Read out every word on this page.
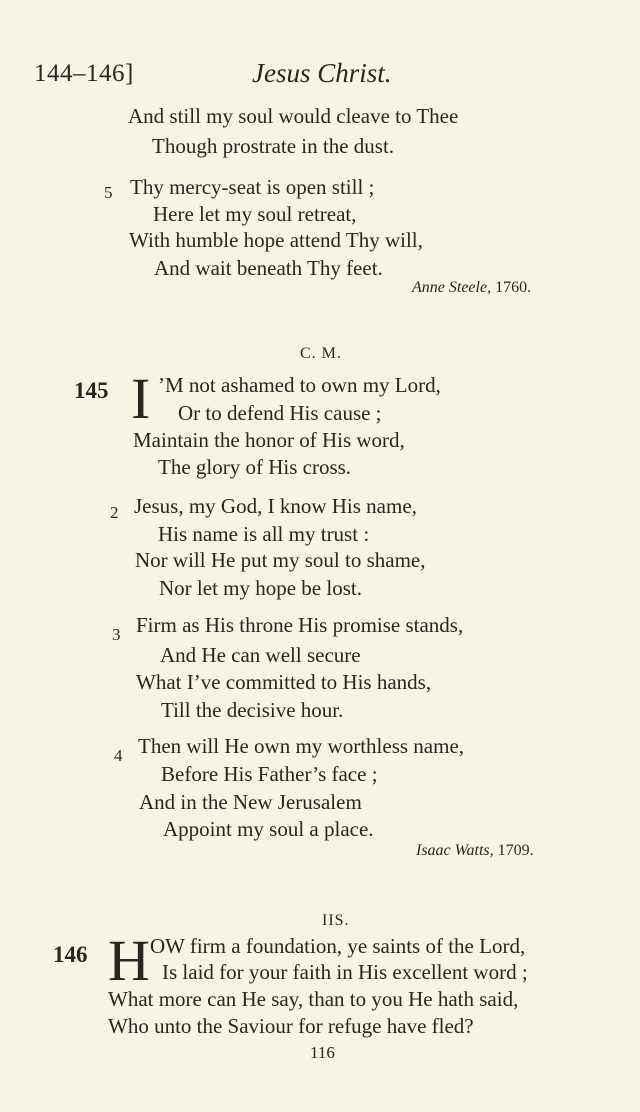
144–146]	Jesus Christ.
And still my soul would cleave to Thee
Though prostrate in the dust.
5 Thy mercy-seat is open still ;
Here let my soul retreat,
With humble hope attend Thy will,
And wait beneath Thy feet.
Anne Steele, 1760.
C. M.
145 I ’M not ashamed to own my Lord,
Or to defend His cause ;
Maintain the honor of His word,
The glory of His cross.
2 Jesus, my God, I know His name,
His name is all my trust :
Nor will He put my soul to shame,
Nor let my hope be lost.
3 Firm as His throne His promise stands,
And He can well secure
What I’ve committed to His hands,
Till the decisive hour.
4 Then will He own my worthless name,
Before His Father’s face ;
And in the New Jerusalem
Appoint my soul a place.
Isaac Watts, 1709.
IIS.
146 H OW firm a foundation, ye saints of the Lord,
Is laid for your faith in His excellent word ;
What more can He say, than to you He hath said,
Who unto the Saviour for refuge have fled?
116
